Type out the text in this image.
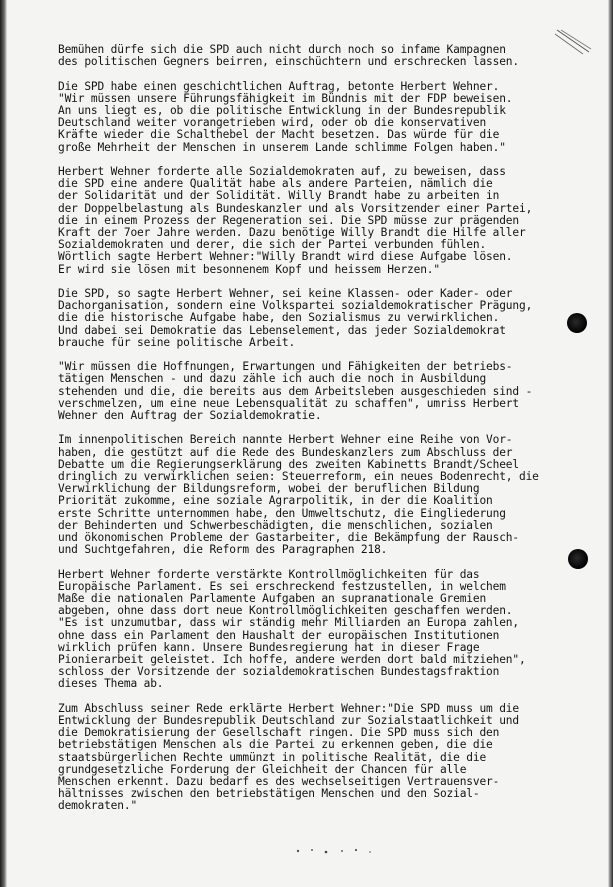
Bemühen dürfe sich die SPD auch nicht durch noch so infame Kampagnen
des politischen Gegners beirren, einschüchtern und erschrecken lassen.

Die SPD habe einen geschichtlichen Auftrag, betonte Herbert Wehner.
"Wir müssen unsere Führungsfähigkeit im Bündnis mit der FDP beweisen.
An uns liegt es, ob die politische Entwicklung in der Bundesrepublik
Deutschland weiter vorangetrieben wird, oder ob die konservativen
Kräfte wieder die Schalthebel der Macht besetzen. Das würde für die
große Mehrheit der Menschen in unserem Lande schlimme Folgen haben."

Herbert Wehner forderte alle Sozialdemokraten auf, zu beweisen, dass
die SPD eine andere Qualität habe als andere Parteien, nämlich die
der Solidarität und der Solidität. Willy Brandt habe zu arbeiten in
der Doppelbelastung als Bundeskanzler und als Vorsitzender einer Partei,
die in einem Prozess der Regeneration sei. Die SPD müsse zur prägenden
Kraft der 7oer Jahre werden. Dazu benötige Willy Brandt die Hilfe aller
Sozialdemokraten und derer, die sich der Partei verbunden fühlen.
Wörtlich sagte Herbert Wehner:"Willy Brandt wird diese Aufgabe lösen.
Er wird sie lösen mit besonnenem Kopf und heissem Herzen."

Die SPD, so sagte Herbert Wehner, sei keine Klassen- oder Kader- oder
Dachorganisation, sondern eine Volkspartei sozialdemokratischer Prägung,
die die historische Aufgabe habe, den Sozialismus zu verwirklichen.
Und dabei sei Demokratie das Lebenselement, das jeder Sozialdemokrat
brauche für seine politische Arbeit.

"Wir müssen die Hoffnungen, Erwartungen und Fähigkeiten der betriebs-
tätigen Menschen - und dazu zähle ich auch die noch in Ausbildung
stehenden und die, die bereits aus dem Arbeitsleben ausgeschieden sind -
verschmelzen, um eine neue Lebensqualität zu schaffen", umriss Herbert
Wehner den Auftrag der Sozialdemokratie.

Im innenpolitischen Bereich nannte Herbert Wehner eine Reihe von Vor-
haben, die gestützt auf die Rede des Bundeskanzlers zum Abschluss der
Debatte um die Regierungserklärung des zweiten Kabinetts Brandt/Scheel
dringlich zu verwirklichen seien: Steuerreform, ein neues Bodenrecht, die
Verwirklichung der Bildungsreform, wobei der beruflichen Bildung
Priorität zukomme, eine soziale Agrarpolitik, in der die Koalition
erste Schritte unternommen habe, den Umweltschutz, die Eingliederung
der Behinderten und Schwerbeschädigten, die menschlichen, sozialen
und ökonomischen Probleme der Gastarbeiter, die Bekämpfung der Rausch-
und Suchtgefahren, die Reform des Paragraphen 218.

Herbert Wehner forderte verstärkte Kontrollmöglichkeiten für das
Europäische Parlament. Es sei erschreckend festzustellen, in welchem
Maße die nationalen Parlamente Aufgaben an supranationale Gremien
abgeben, ohne dass dort neue Kontrollmöglichkeiten geschaffen werden.
"Es ist unzumutbar, dass wir ständig mehr Milliarden an Europa zahlen,
ohne dass ein Parlament den Haushalt der europäischen Institutionen
wirklich prüfen kann. Unsere Bundesregierung hat in dieser Frage
Pionierarbeit geleistet. Ich hoffe, andere werden dort bald mitziehen",
schloss der Vorsitzende der sozialdemokratischen Bundestagsfraktion
dieses Thema ab.

Zum Abschluss seiner Rede erklärte Herbert Wehner:"Die SPD muss um die
Entwicklung der Bundesrepublik Deutschland zur Sozialstaatlichkeit und
die Demokratisierung der Gesellschaft ringen. Die SPD muss sich den
betriebstätigen Menschen als die Partei zu erkennen geben, die die
staatsbürgerlichen Rechte ummünzt in politische Realität, die die
grundgesetzliche Forderung der Gleichheit der Chancen für alle
Menschen erkennt. Dazu bedarf es des wechselseitigen Vertrauensver-
hältnisses zwischen den betriebstätigen Menschen und den Sozial-
demokraten."
